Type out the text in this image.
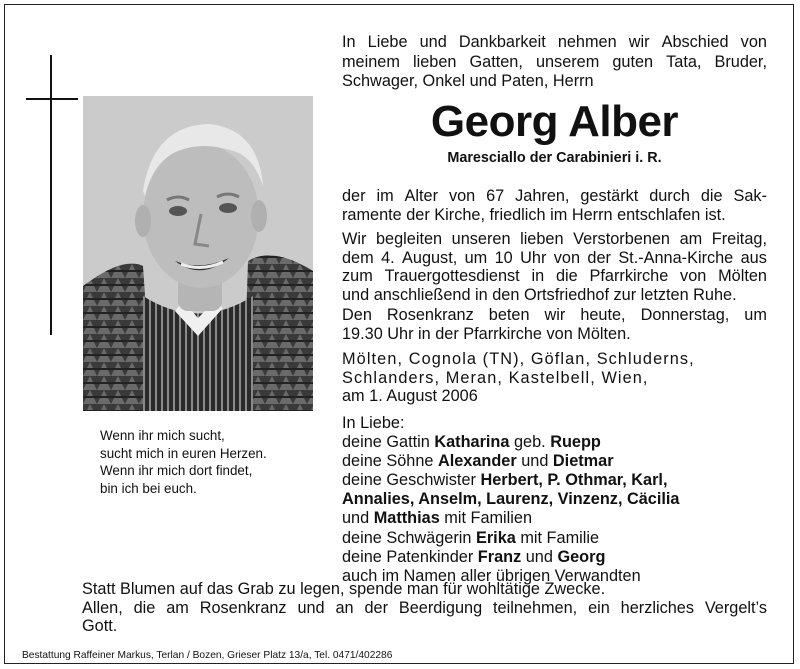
Wenn ihr mich sucht,
sucht mich in euren Herzen.
Wenn ihr mich dort findet,
bin ich bei euch.
In Liebe und Dankbarkeit nehmen wir Abschied von
meinem lieben Gatten, unserem guten Tata, Bruder,
Schwager, Onkel und Paten, Herrn
Georg Alber
Maresciallo der Carabinieri i. R.
der im Alter von 67 Jahren, gestärkt durch die Sak-
ramente der Kirche, friedlich im Herrn entschlafen ist.
Wir begleiten unseren lieben Verstorbenen am Freitag,
dem 4. August, um 10 Uhr von der St.-Anna-Kirche aus
zum Trauergottesdienst in die Pfarrkirche von Mölten
und anschließend in den Ortsfriedhof zur letzten Ruhe.
Den Rosenkranz beten wir heute, Donnerstag, um
19.30 Uhr in der Pfarrkirche von Mölten.
Mölten, Cognola (TN), Göflan, Schluderns,
Schlanders, Meran, Kastelbell, Wien,
am 1. August 2006
In Liebe:
deine Gattin Katharina geb. Ruepp
deine Söhne Alexander und Dietmar
deine Geschwister Herbert, P. Othmar, Karl,
Annalies, Anselm, Laurenz, Vinzenz, Cäcilia
und Matthias mit Familien
deine Schwägerin Erika mit Familie
deine Patenkinder Franz und Georg
auch im Namen aller übrigen Verwandten
Statt Blumen auf das Grab zu legen, spende man für wohltätige Zwecke.
Allen, die am Rosenkranz und an der Beerdigung teilnehmen, ein herzliches Vergelt’s
Gott.
Bestattung Raffeiner Markus, Terlan / Bozen, Grieser Platz 13/a, Tel. 0471/402286
